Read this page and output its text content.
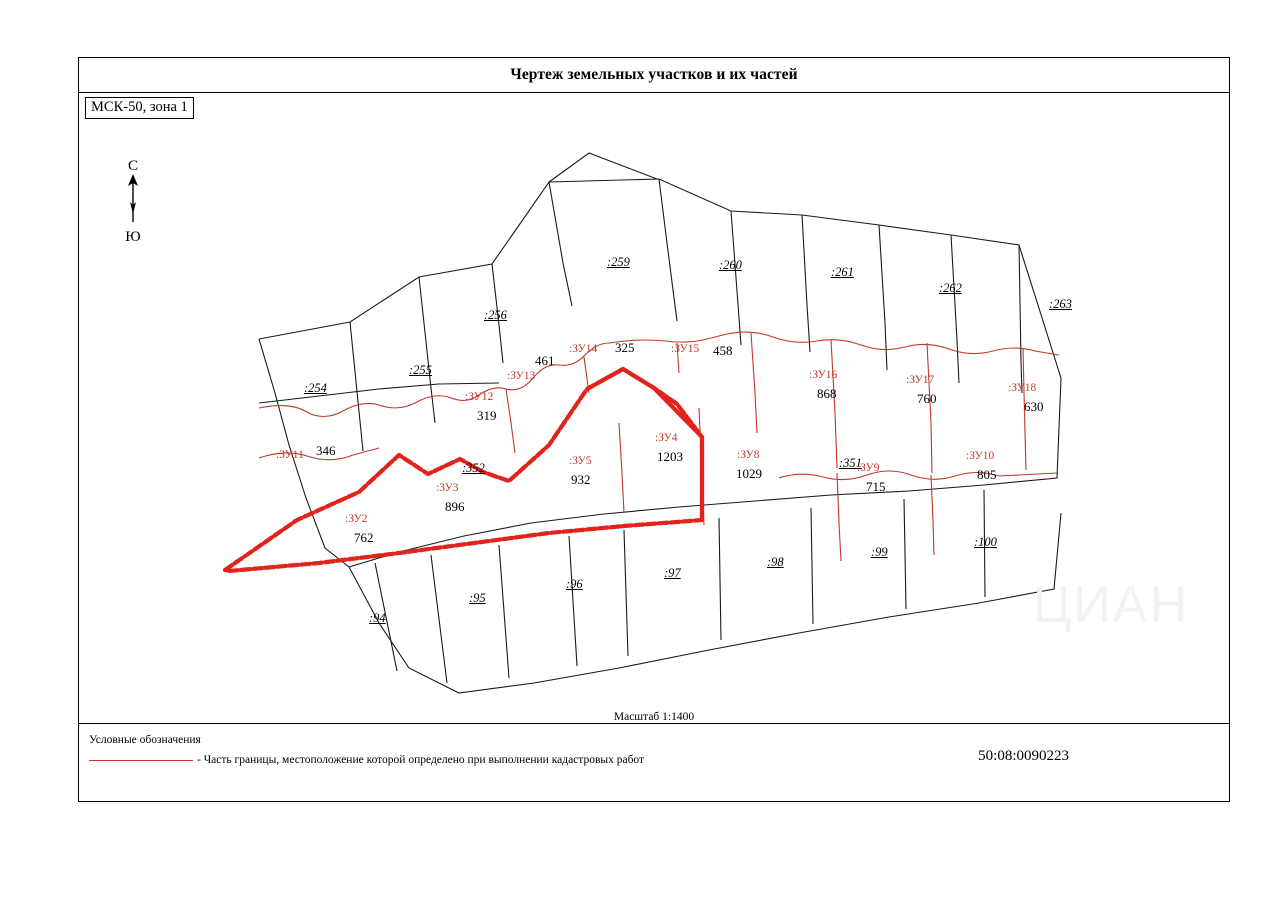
Чертеж земельных участков и их частей
МСК-50, зона 1
С
Ю
:254
:255
:256
:259	:260	:261
:262
:263
:352	:351
:94
:95
:96
:97
:98
:99
:100
:ЗУ2
762
:ЗУ3
896
:ЗУ4
1203
:ЗУ5
932
:ЗУ8
1029	:ЗУ9
715
:ЗУ10
805
:ЗУ11 346
:ЗУ12
319
:ЗУ13
461
:ЗУ14 325	:ЗУ15 458
:ЗУ16
868
:ЗУ17
760
:ЗУ18
630
ЦИАН
50:08:0090223
Масштаб 1:1400
Условные обозначения
- Часть границы, местоположение которой определено при выполнении кадастровых работ
